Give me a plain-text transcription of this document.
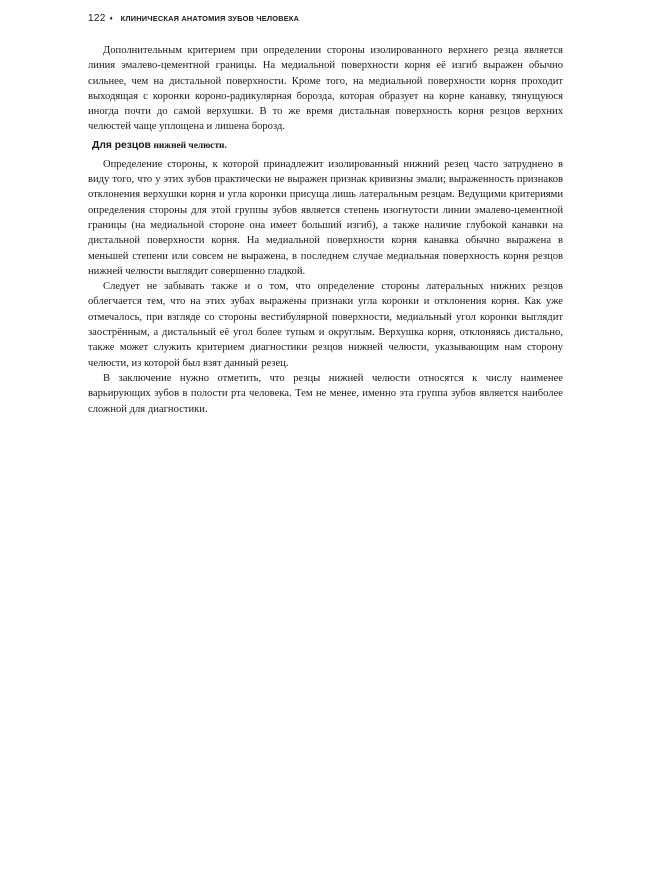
122 ♦ КЛИНИЧЕСКАЯ АНАТОМИЯ ЗУБОВ ЧЕЛОВЕКА

Дополнительным критерием при определении стороны изолированного верхнего резца является линия эмалево-цементной границы. На медиальной поверхности корня её изгиб выражен обычно сильнее, чем на дистальной поверхности. Кроме того, на медиальной поверхности корня проходит выходящая с коронки короно-радикулярная борозда, которая образует на корне канавку, тянущуюся иногда почти до самой верхушки. В то же время дистальная поверхность корня резцов верхних челюстей чаще уплощена и лишена борозд.

Для резцов нижней челюсти.

Определение стороны, к которой принадлежит изолированный нижний резец часто затруднено в виду того, что у этих зубов практически не выражен признак кривизны эмали; выраженность признаков отклонения верхушки корня и угла коронки присуща лишь латеральным резцам. Ведущими критериями определения стороны для этой группы зубов является степень изогнутости линии эмалево-цементной границы (на медиальной стороне она имеет больший изгиб), а также наличие глубокой канавки на дистальной поверхности корня. На медиальной поверхности корня канавка обычно выражена в меньшей степени или совсем не выражена, в последнем случае медиальная поверхность корня резцов нижней челюсти выглядит совершенно гладкой.

Следует не забывать также и о том, что определение стороны латеральных нижних резцов облегчается тем, что на этих зубах выражены признаки угла коронки и отклонения корня. Как уже отмечалось, при взгляде со стороны вестибулярной поверхности, медиальный угол коронки выглядит заострённым, а дистальный её угол более тупым и округлым. Верхушка корня, отклоняясь дистально, также может служить критерием диагностики резцов нижней челюсти, указывающим нам сторону челюсти, из которой был взят данный резец.

В заключение нужно отметить, что резцы нижней челюсти относятся к числу наименее варьирующих зубов в полости рта человека. Тем не менее, именно эта группа зубов является наиболее сложной для диагностики.
